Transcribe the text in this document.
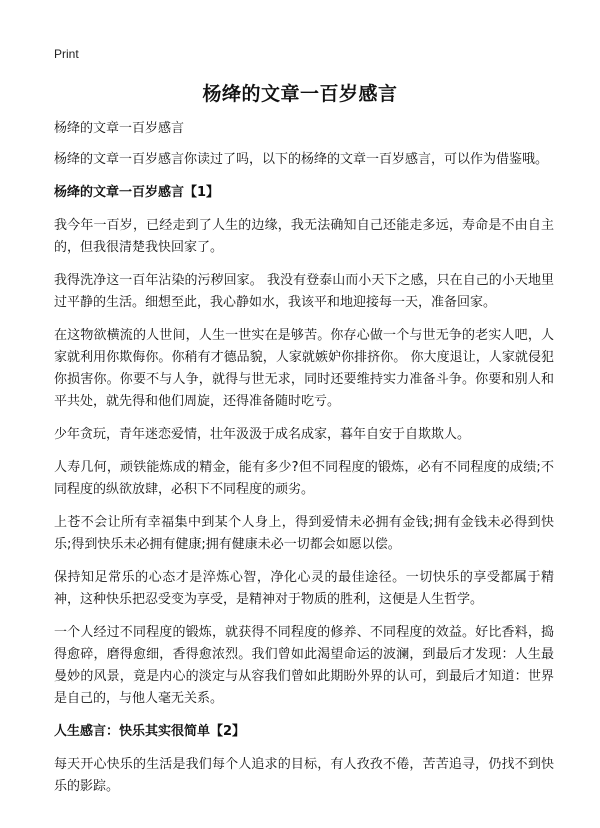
Print
杨绛的文章一百岁感言

杨绛的文章一百岁感言

杨绛的文章一百岁感言你读过了吗，以下的杨绛的文章一百岁感言，可以作为借鉴哦。

杨绛的文章一百岁感言【1】

我今年一百岁，已经走到了人生的边缘，我无法确知自己还能走多远，寿命是不由自主的，但我很清楚我快回家了。

我得洗净这一百年沾染的污秽回家。 我没有登泰山而小天下之感，只在自己的小天地里过平静的生活。细想至此，我心静如水，我该平和地迎接每一天，准备回家。

在这物欲横流的人世间，人生一世实在是够苦。你存心做一个与世无争的老实人吧，人家就利用你欺侮你。你稍有才德品貌，人家就嫉妒你排挤你。 你大度退让，人家就侵犯你损害你。你要不与人争，就得与世无求，同时还要维持实力准备斗争。你要和别人和平共处，就先得和他们周旋，还得准备随时吃亏。

少年贪玩，青年迷恋爱情，壮年汲汲于成名成家，暮年自安于自欺欺人。

人寿几何，顽铁能炼成的精金，能有多少?但不同程度的锻炼，必有不同程度的成绩;不同程度的纵欲放肆，必积下不同程度的顽劣。

上苍不会让所有幸福集中到某个人身上，得到爱情未必拥有金钱;拥有金钱未必得到快乐;得到快乐未必拥有健康;拥有健康未必一切都会如愿以偿。

保持知足常乐的心态才是淬炼心智，净化心灵的最佳途径。一切快乐的享受都属于精神，这种快乐把忍受变为享受，是精神对于物质的胜利，这便是人生哲学。

一个人经过不同程度的锻炼，就获得不同程度的修养、不同程度的效益。好比香料，捣得愈碎，磨得愈细，香得愈浓烈。我们曾如此渴望命运的波澜，到最后才发现：人生最曼妙的风景，竟是内心的淡定与从容我们曾如此期盼外界的认可，到最后才知道：世界是自己的，与他人毫无关系。

人生感言：快乐其实很简单【2】

每天开心快乐的生活是我们每个人追求的目标，有人孜孜不倦，苦苦追寻，仍找不到快乐的影踪。
